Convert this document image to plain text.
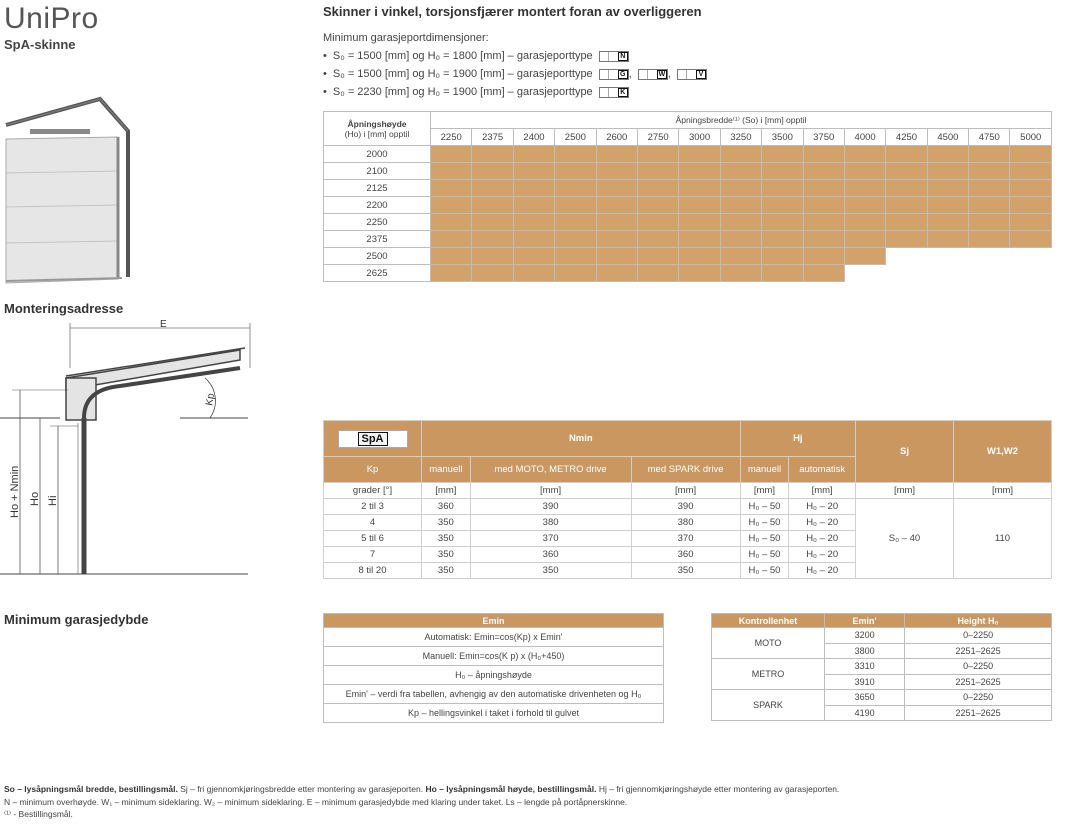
UniPro
SpA-skinne
Monteringsadresse
E
Kp
Ho + Nmin Ho Hi
Minimum garasjedybde
Skinner i vinkel, torsjonsfjærer montert foran av overliggeren
Minimum garasjeportdimensjoner:
• S₀ = 1500 [mm] og H₀ = 1800 [mm] – garasjeporttype	N
• S₀ = 1500 [mm] og H₀ = 1900 [mm] – garasjeporttype	G ,	W ,	V
• S₀ = 2230 [mm] og H₀ = 1900 [mm] – garasjeporttype	K
Åpningshøyde
(Ho) i [mm] opptil	Åpningsbredde⁽¹⁾ (So) i [mm] opptil														
	2250	2375	2400	2500	2600	2750	3000	3250	3500	3750	4000	4250	4500	4750	5000
2000															
2100															
2125															
2200															
2250															
2375															
2500															
2625															
SpA	Nmin			Hj		Sj	W1,W2
Kp	manuell	med MOTO, METRO drive	med SPARK drive	manuell	automatisk		
grader [°]	[mm]	[mm]	[mm]	[mm]	[mm]	[mm]	[mm]
2 til 3	360	390	390	H₀ – 50	H₀ – 20	S₀ – 40	110
4	350	380	380	H₀ – 50	H₀ – 20		
5 til 6	350	370	370	H₀ – 50	H₀ – 20		
7	350	360	360	H₀ – 50	H₀ – 20		
8 til 20	350	350	350	H₀ – 50	H₀ – 20		
Emin
Automatisk: Emin=cos(Kp) x Emin'
Manuell: Emin=cos(K p) x (H₀+450)
H₀ – åpningshøyde
Emin' – verdi fra tabellen, avhengig av den automatiske drivenheten og H₀
Kp – hellingsvinkel i taket i forhold til gulvet
Kontrollenhet	Emin'	Height H₀
MOTO	3200	0–2250
	3800	2251–2625
METRO	3310	0–2250
	3910	2251–2625
SPARK	3650	0–2250
	4190	2251–2625
So – lysåpningsmål bredde, bestillingsmål. Sj – fri gjennomkjøringsbredde etter montering av garasjeporten. Ho – lysåpningsmål høyde, bestillingsmål. Hj – fri gjennomkjøringshøyde etter montering av garasjeporten.
N – minimum overhøyde. W₁ – minimum sideklaring. W₂ – minimum sideklaring. E – minimum garasjedybde med klaring under taket. Ls – lengde på portåpnerskinne.
⁽¹⁾ - Bestillingsmål.
